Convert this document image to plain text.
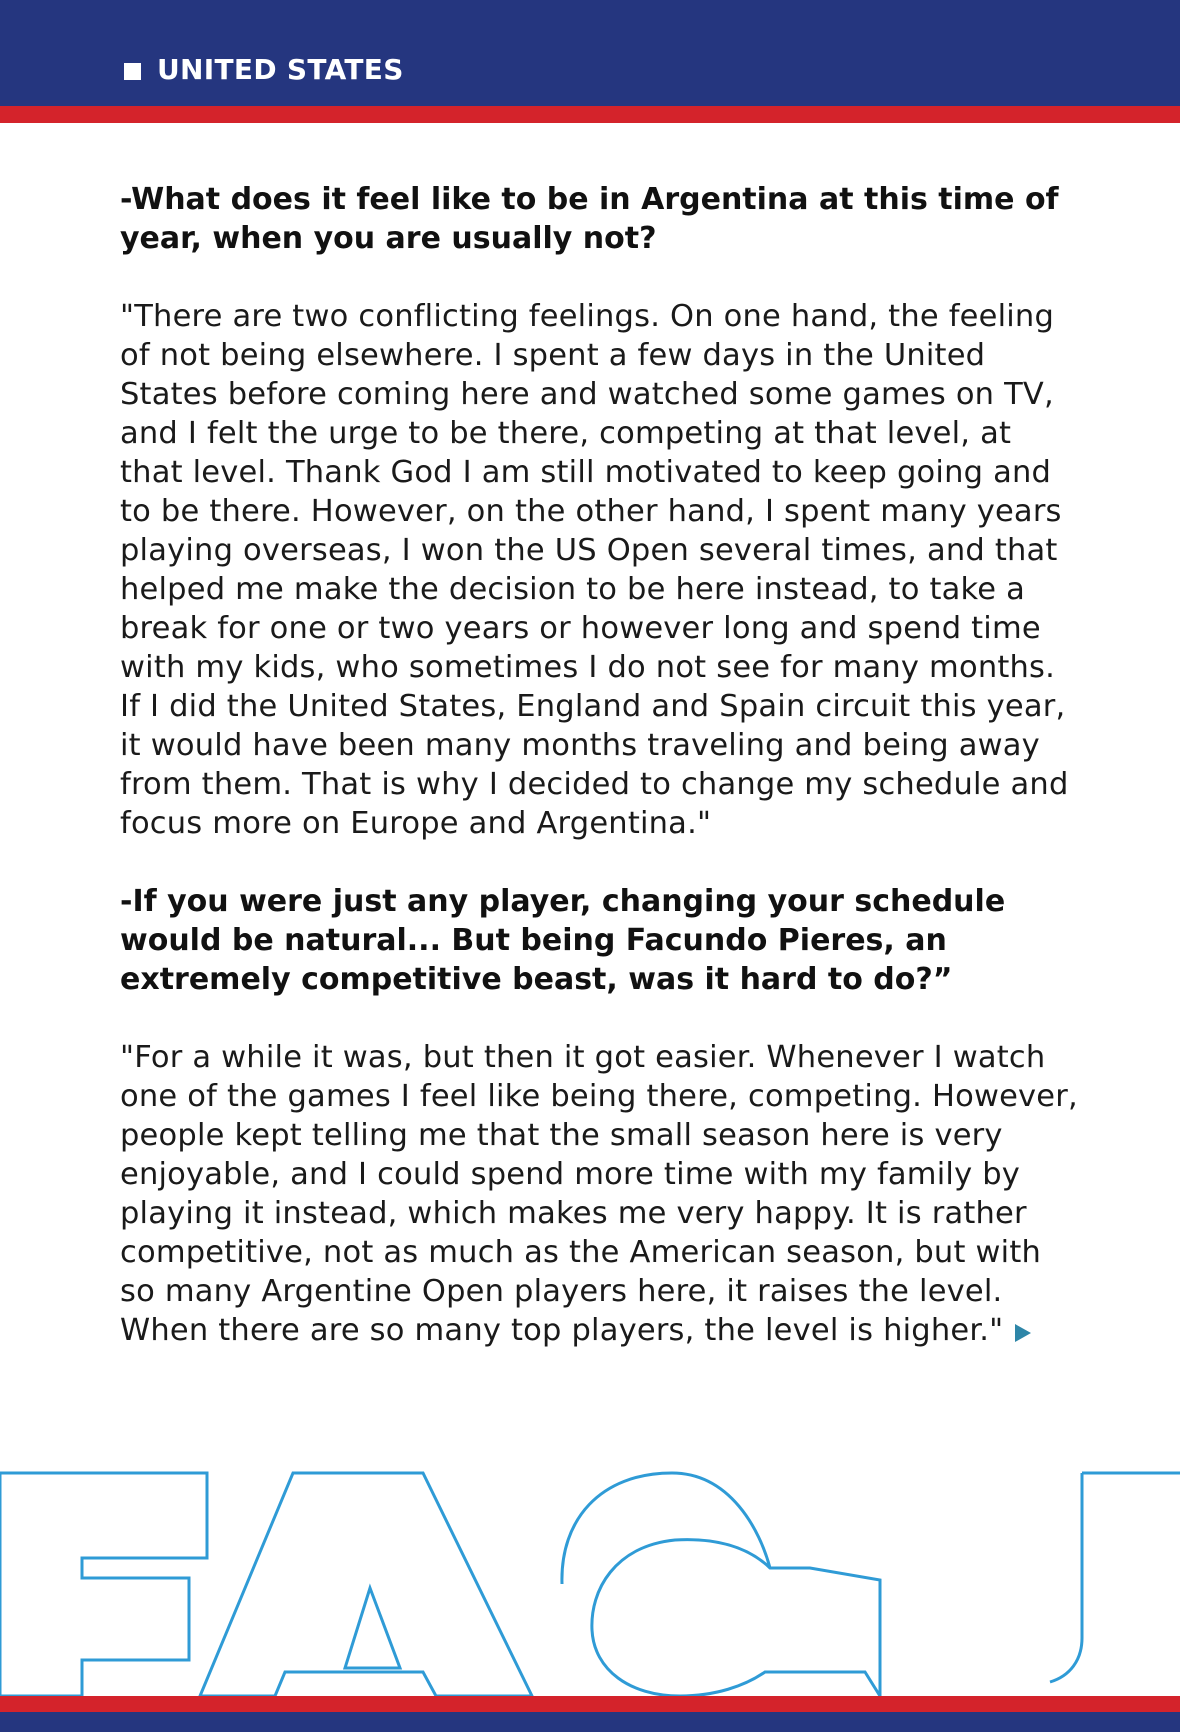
UNITED STATES

-What does it feel like to be in Argentina at this time of year, when you are usually not?

"There are two conflicting feelings. On one hand, the feeling of not being elsewhere. I spent a few days in the United States before coming here and watched some games on TV, and I felt the urge to be there, competing at that level, at that level. Thank God I am still motivated to keep going and to be there. However, on the other hand, I spent many years playing overseas, I won the US Open several times, and that helped me make the decision to be here instead, to take a break for one or two years or however long and spend time with my kids, who sometimes I do not see for many months. If I did the United States, England and Spain circuit this year, it would have been many months traveling and being away from them. That is why I decided to change my schedule and focus more on Europe and Argentina."

-If you were just any player, changing your schedule would be natural... But being Facundo Pieres, an extremely competitive beast, was it hard to do?”

"For a while it was, but then it got easier. Whenever I watch one of the games I feel like being there, competing. However, people kept telling me that the small season here is very enjoyable, and I could spend more time with my family by playing it instead, which makes me very happy. It is rather competitive, not as much as the American season, but with so many Argentine Open players here, it raises the level. When there are so many top players, the level is higher."
